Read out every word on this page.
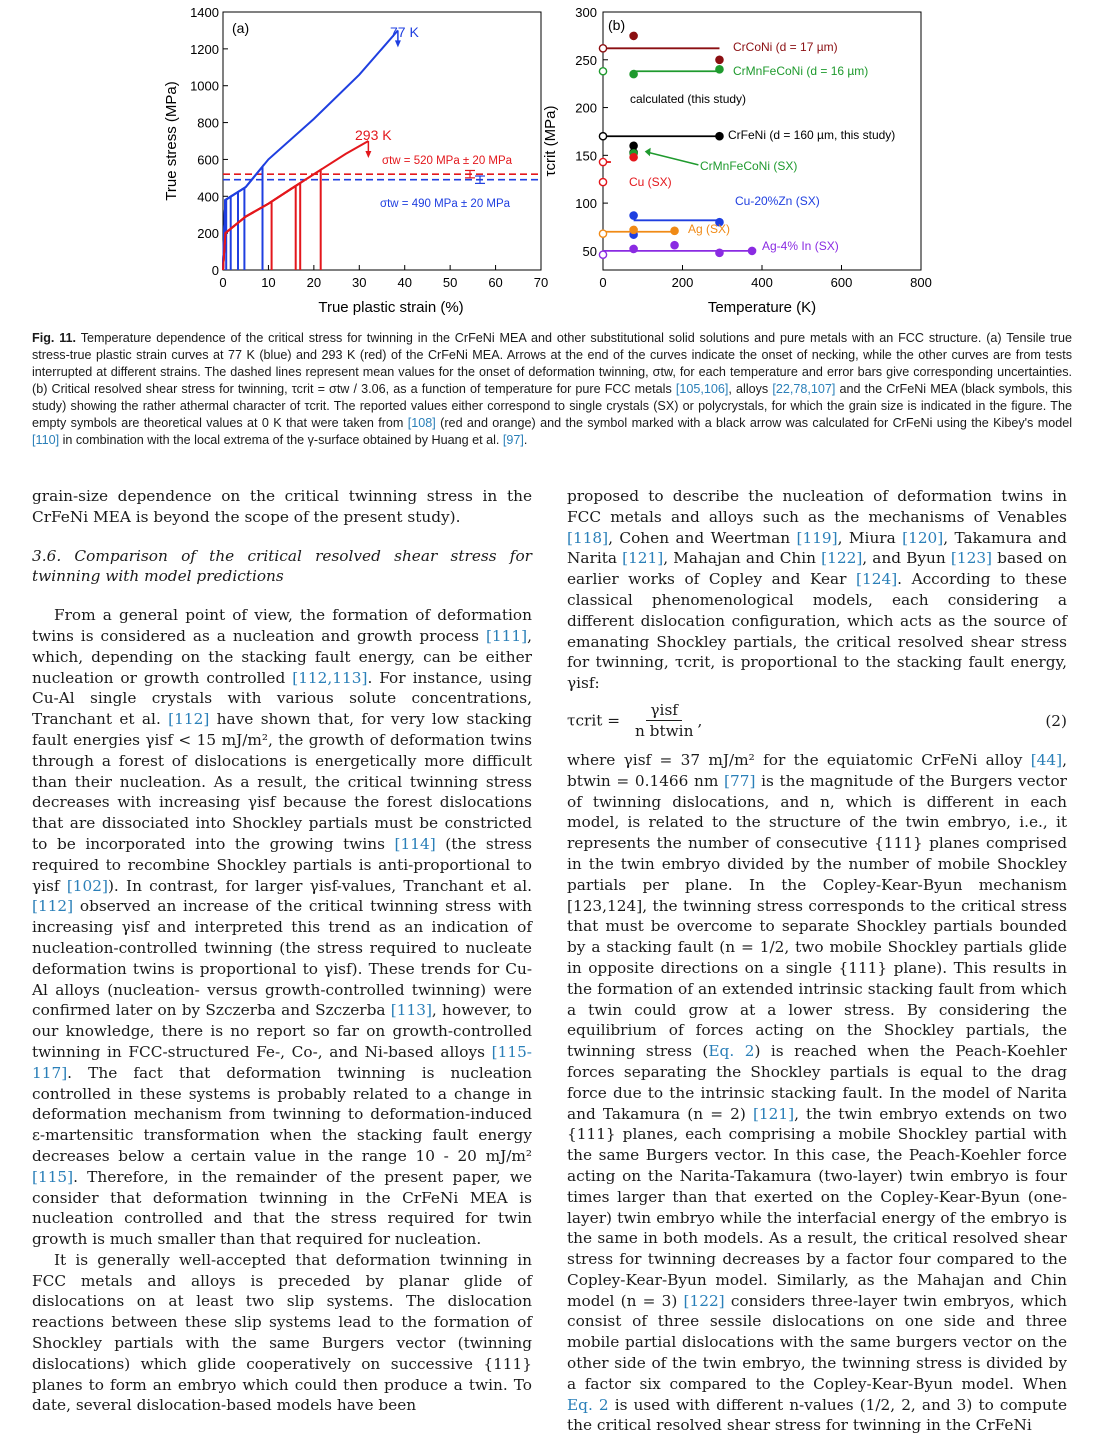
(a)
True plastic strain (%)
True stress (MPa)
0	10 20 30 40 50 60 70
0
200
400
600
800
1000
1200
1400
77 K
293 K
σtw = 520 MPa ± 20 MPa
σtw = 490 MPa ± 20 MPa
(b)
Temperature (K)
τcrit (MPa)
0	200	400	600	800
50
100
150
200
250
300
CrCoNi (d = 17 µm)
CrMnFeCoNi (d = 16 µm)
calculated (this study)
CrFeNi (d = 160 µm, this study)
CrMnFeCoNi (SX)
Cu (SX)
Cu-20%Zn (SX)
Ag (SX)
Ag-4% In (SX)
Fig. 11. Temperature dependence of the critical stress for twinning in the CrFeNi MEA and other substitutional solid solutions and pure metals with an FCC structure. (a) Tensile true stress-true plastic strain curves at 77 K (blue) and 293 K (red) of the CrFeNi MEA. Arrows at the end of the curves indicate the onset of necking, while the other curves are from tests interrupted at different strains. The dashed lines represent mean values for the onset of deformation twinning, σtw, for each temperature and error bars give corresponding uncertainties. (b) Critical resolved shear stress for twinning, τcrit = σtw / 3.06, as a function of temperature for pure FCC metals [105,106], alloys [22,78,107] and the CrFeNi MEA (black symbols, this study) showing the rather athermal character of τcrit. The reported values either correspond to single crystals (SX) or polycrystals, for which the grain size is indicated in the figure. The empty symbols are theoretical values at 0 K that were taken from [108] (red and orange) and the symbol marked with a black arrow was calculated for CrFeNi using the Kibey's model [110] in combination with the local extrema of the γ-surface obtained by Huang et al. [97].

grain-size dependence on the critical twinning stress in the CrFeNi MEA is beyond the scope of the present study).

3.6. Comparison of the critical resolved shear stress for twinning with model predictions

From a general point of view, the formation of deformation twins is considered as a nucleation and growth process [111], which, depending on the stacking fault energy, can be either nucleation or growth controlled [112,113]. For instance, using Cu-Al single crystals with various solute concentrations, Tranchant et al. [112] have shown that, for very low stacking fault energies γisf < 15 mJ/m², the growth of deformation twins through a forest of dislocations is energetically more difficult than their nucleation. As a result, the critical twinning stress decreases with increasing γisf because the forest dislocations that are dissociated into Shockley partials must be constricted to be incorporated into the growing twins [114] (the stress required to recombine Shockley partials is anti-proportional to γisf [102]). In contrast, for larger γisf-values, Tranchant et al. [112] observed an increase of the critical twinning stress with increasing γisf and interpreted this trend as an indication of nucleation-controlled twinning (the stress required to nucleate deformation twins is proportional to γisf). These trends for Cu-Al alloys (nucleation- versus growth-controlled twinning) were confirmed later on by Szczerba and Szczerba [113], however, to our knowledge, there is no report so far on growth-controlled twinning in FCC-structured Fe-, Co-, and Ni-based alloys [115-117]. The fact that deformation twinning is nucleation controlled in these systems is probably related to a change in deformation mechanism from twinning to deformation-induced ε-martensitic transformation when the stacking fault energy decreases below a certain value in the range 10 - 20 mJ/m² [115]. Therefore, in the remainder of the present paper, we consider that deformation twinning in the CrFeNi MEA is nucleation controlled and that the stress required for twin growth is much smaller than that required for nucleation.

It is generally well-accepted that deformation twinning in FCC metals and alloys is preceded by planar glide of dislocations on at least two slip systems. The dislocation reactions between these slip systems lead to the formation of Shockley partials with the same Burgers vector (twinning dislocations) which glide cooperatively on successive {111} planes to form an embryo which could then produce a twin. To date, several dislocation-based models have been

proposed to describe the nucleation of deformation twins in FCC metals and alloys such as the mechanisms of Venables [118], Cohen and Weertman [119], Miura [120], Takamura and Narita [121], Mahajan and Chin [122], and Byun [123] based on earlier works of Copley and Kear [124]. According to these classical phenomenological models, each considering a different dislocation configuration, which acts as the source of emanating Shockley partials, the critical resolved shear stress for twinning, τcrit, is proportional to the stacking fault energy, γisf:

τcrit = $\frac{\text{γisf}}{\text{n btwin}}$ ,	(2)

where γisf = 37 mJ/m² for the equiatomic CrFeNi alloy [44], btwin = 0.1466 nm [77] is the magnitude of the Burgers vector of twinning dislocations, and n, which is different in each model, is related to the structure of the twin embryo, i.e., it represents the number of consecutive {111} planes comprised in the twin embryo divided by the number of mobile Shockley partials per plane. In the Copley-Kear-Byun mechanism [123,124], the twinning stress corresponds to the critical stress that must be overcome to separate Shockley partials bounded by a stacking fault (n = 1/2, two mobile Shockley partials glide in opposite directions on a single {111} plane). This results in the formation of an extended intrinsic stacking fault from which a twin could grow at a lower stress. By considering the equilibrium of forces acting on the Shockley partials, the twinning stress (Eq. 2) is reached when the Peach-Koehler forces separating the Shockley partials is equal to the drag force due to the intrinsic stacking fault. In the model of Narita and Takamura (n = 2) [121], the twin embryo extends on two {111} planes, each comprising a mobile Shockley partial with the same Burgers vector. In this case, the Peach-Koehler force acting on the Narita-Takamura (two-layer) twin embryo is four times larger than that exerted on the Copley-Kear-Byun (one-layer) twin embryo while the interfacial energy of the embryo is the same in both models. As a result, the critical resolved shear stress for twinning decreases by a factor four compared to the Copley-Kear-Byun model. Similarly, as the Mahajan and Chin model (n = 3) [122] considers three-layer twin embryos, which consist of three sessile dislocations on one side and three mobile partial dislocations with the same burgers vector on the other side of the twin embryo, the twinning stress is divided by a factor six compared to the Copley-Kear-Byun model. When Eq. 2 is used with different n-values (1/2, 2, and 3) to compute the critical resolved shear stress for twinning in the CrFeNi
